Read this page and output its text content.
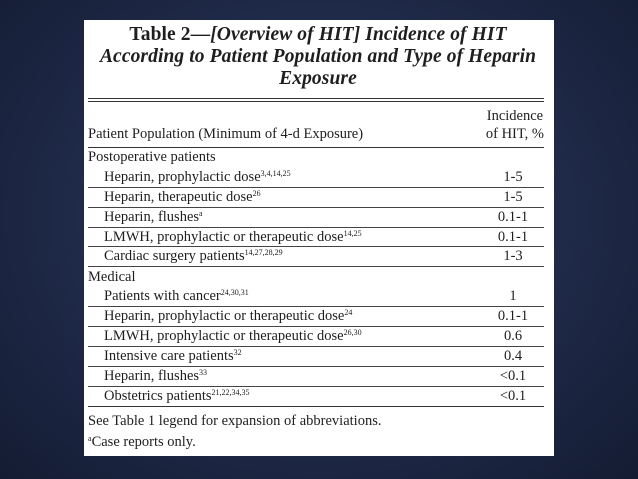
Table 2—[Overview of HIT] Incidence of HIT According to Patient Population and Type of Heparin Exposure
Patient Population (Minimum of 4-d Exposure)
Incidence
of HIT, %
Postoperative patients
Heparin, prophylactic dose$^{3,4,14,25}$	1-5
Heparin, therapeutic dose$^{26}$	1-5
Heparin, flushes$^a$	0.1-1
LMWH, prophylactic or therapeutic dose$^{14,25}$	0.1-1
Cardiac surgery patients$^{14,27,28,29}$	1-3
Medical
Patients with cancer$^{24,30,31}$	1
Heparin, prophylactic or therapeutic dose$^{24}$	0.1-1
LMWH, prophylactic or therapeutic dose$^{26,30}$	0.6
Intensive care patients$^{32}$	0.4
Heparin, flushes$^{33}$	<0.1
Obstetrics patients$^{21,22,34,35}$	<0.1
See Table 1 legend for expansion of abbreviations.
$^a$Case reports only.
